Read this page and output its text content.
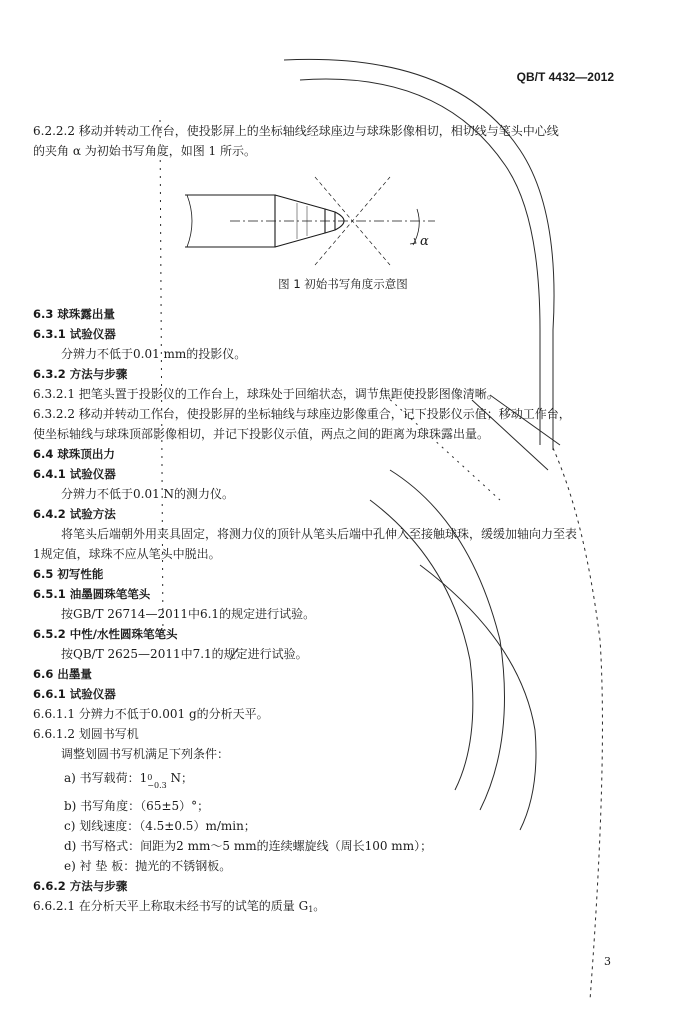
QB/T 4432—2012
6.2.2.2 移动并转动工作台，使投影屏上的坐标轴线经球座边与球珠影像相切，相切线与笔头中心线
的夹角 α 为初始书写角度，如图 1 所示。
α
图 1 初始书写角度示意图
6.3 球珠露出量
6.3.1 试验仪器
分辨力不低于0.01 mm的投影仪。
6.3.2 方法与步骤
6.3.2.1 把笔头置于投影仪的工作台上，球珠处于回缩状态，调节焦距使投影图像清晰。
6.3.2.2 移动并转动工作台，使投影屏的坐标轴线与球座边影像重合，记下投影仪示值；移动工作台，
使坐标轴线与球珠顶部影像相切，并记下投影仪示值，两点之间的距离为球珠露出量。
6.4 球珠顶出力
6.4.1 试验仪器
分辨力不低于0.01 N的测力仪。
6.4.2 试验方法
将笔头后端朝外用夹具固定，将测力仪的顶针从笔头后端中孔伸入至接触球珠，缓缓加轴向力至表
1规定值，球珠不应从笔头中脱出。
6.5 初写性能
6.5.1 油墨圆珠笔笔头
按GB/T 26714—2011中6.1的规定进行试验。
6.5.2 中性/水性圆珠笔笔头
按QB/T 2625—2011中7.1的规定进行试验。
6.6 出墨量
6.6.1 试验仪器
6.6.1.1 分辨力不低于0.001 g的分析天平。
6.6.1.2 划圆书写机
调整划圆书写机满足下列条件：
a) 书写载荷：1 0
−0.3
N；
b) 书写角度：（65±5）°；
c) 划线速度：（4.5±0.5）m/min；
d) 书写格式：间距为2 mm～5 mm的连续螺旋线（周长100 mm）；
e) 衬 垫 板：抛光的不锈钢板。
6.6.2 方法与步骤
6.6.2.1 在分析天平上称取未经书写的试笔的质量 $G_1$。
3
